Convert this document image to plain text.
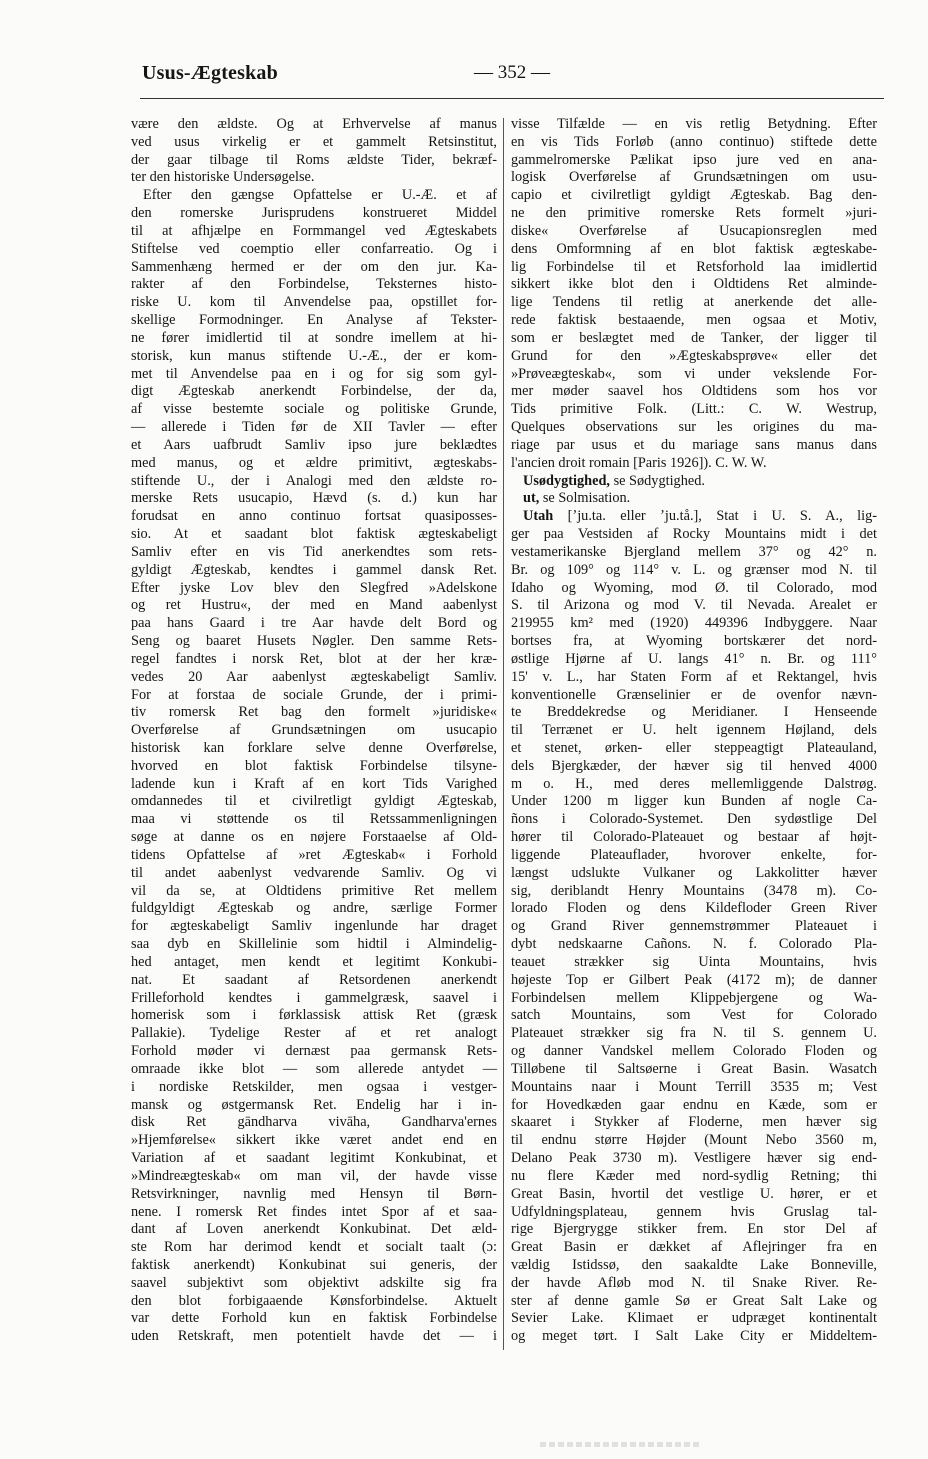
Usus-Ægteskab	— 352 —
være den ældste. Og at Erhvervelse af manus
ved usus virkelig er et gammelt Retsinstitut,
der gaar tilbage til Roms ældste Tider, bekræf-
ter den historiske Undersøgelse.
Efter den gængse Opfattelse er U.-Æ. et af
den romerske Jurisprudens konstrueret Middel
til at afhjælpe en Formmangel ved Ægteskabets
Stiftelse ved coemptio eller confarreatio. Og i
Sammenhæng hermed er der om den jur. Ka-
rakter af den Forbindelse, Teksternes histo-
riske U. kom til Anvendelse paa, opstillet for-
skellige Formodninger. En Analyse af Tekster-
ne fører imidlertid til at sondre imellem at hi-
storisk, kun manus stiftende U.-Æ., der er kom-
met til Anvendelse paa en i og for sig som gyl-
digt Ægteskab anerkendt Forbindelse, der da,
af visse bestemte sociale og politiske Grunde,
— allerede i Tiden før de XII Tavler — efter
et Aars uafbrudt Samliv ipso jure beklædtes
med manus, og et ældre primitivt, ægteskabs-
stiftende U., der i Analogi med den ældste ro-
merske Rets usucapio, Hævd (s. d.) kun har
forudsat en anno continuo fortsat quasiposses-
sio. At et saadant blot faktisk ægteskabeligt
Samliv efter en vis Tid anerkendtes som rets-
gyldigt Ægteskab, kendtes i gammel dansk Ret.
Efter jyske Lov blev den Slegfred »Adelskone
og ret Hustru«, der med en Mand aabenlyst
paa hans Gaard i tre Aar havde delt Bord og
Seng og baaret Husets Nøgler. Den samme Rets-
regel fandtes i norsk Ret, blot at der her kræ-
vedes 20 Aar aabenlyst ægteskabeligt Samliv.
For at forstaa de sociale Grunde, der i primi-
tiv romersk Ret bag den formelt »juridiske«
Overførelse af Grundsætningen om usucapio
historisk kan forklare selve denne Overførelse,
hvorved en blot faktisk Forbindelse tilsyne-
ladende kun i Kraft af en kort Tids Varighed
omdannedes til et civilretligt gyldigt Ægteskab,
maa vi støttende os til Retssammenligningen
søge at danne os en nøjere Forstaaelse af Old-
tidens Opfattelse af »ret Ægteskab« i Forhold
til andet aabenlyst vedvarende Samliv. Og vi
vil da se, at Oldtidens primitive Ret mellem
fuldgyldigt Ægteskab og andre, særlige Former
for ægteskabeligt Samliv ingenlunde har draget
saa dyb en Skillelinie som hidtil i Almindelig-
hed antaget, men kendt et legitimt Konkubi-
nat. Et saadant af Retsordenen anerkendt
Frilleforhold kendtes i gammelgræsk, saavel i
homerisk som i førklassisk attisk Ret (græsk
Pallakie). Tydelige Rester af et ret analogt
Forhold møder vi dernæst paa germansk Rets-
omraade ikke blot — som allerede antydet —
i nordiske Retskilder, men ogsaa i vestger-
mansk og østgermansk Ret. Endelig har i in-
disk Ret gāndharva vivāha, Gandharva'ernes
»Hjemførelse« sikkert ikke været andet end en
Variation af et saadant legitimt Konkubinat, et
»Mindreægteskab« om man vil, der havde visse
Retsvirkninger, navnlig med Hensyn til Børn-
nene. I romersk Ret findes intet Spor af et saa-
dant af Loven anerkendt Konkubinat. Det æld-
ste Rom har derimod kendt et socialt taalt (ɔ:
faktisk anerkendt) Konkubinat sui generis, der
saavel subjektivt som objektivt adskilte sig fra
den blot forbigaaende Kønsforbindelse. Aktuelt
var dette Forhold kun en faktisk Forbindelse
uden Retskraft, men potentielt havde det — i
visse Tilfælde — en vis retlig Betydning. Efter
en vis Tids Forløb (anno continuo) stiftede dette
gammelromerske Pælikat ipso jure ved en ana-
logisk Overførelse af Grundsætningen om usu-
capio et civilretligt gyldigt Ægteskab. Bag den-
ne den primitive romerske Rets formelt »juri-
diske« Overførelse af Usucapionsreglen med
dens Omformning af en blot faktisk ægteskabe-
lig Forbindelse til et Retsforhold laa imidlertid
sikkert ikke blot den i Oldtidens Ret alminde-
lige Tendens til retlig at anerkende det alle-
rede faktisk bestaaende, men ogsaa et Motiv,
som er beslægtet med de Tanker, der ligger til
Grund for den »Ægteskabsprøve« eller det
»Prøveægteskab«, som vi under vekslende For-
mer møder saavel hos Oldtidens som hos vor
Tids primitive Folk. (Litt.: C. W. Westrup,
Quelques observations sur les origines du ma-
riage par usus et du mariage sans manus dans
l'ancien droit romain [Paris 1926]). C. W. W.
Usødygtighed, se Sødygtighed.
ut, se Solmisation.
Utah [ʼju.ta. eller ʼju.tå.], Stat i U. S. A., lig-
ger paa Vestsiden af Rocky Mountains midt i det
vestamerikanske Bjergland mellem 37° og 42° n.
Br. og 109° og 114° v. L. og grænser mod N. til
Idaho og Wyoming, mod Ø. til Colorado, mod
S. til Arizona og mod V. til Nevada. Arealet er
219955 km² med (1920) 449396 Indbyggere. Naar
bortses fra, at Wyoming bortskærer det nord-
østlige Hjørne af U. langs 41° n. Br. og 111°
15' v. L., har Staten Form af et Rektangel, hvis
konventionelle Grænselinier er de ovenfor nævn-
te Breddekredse og Meridianer. I Henseende
til Terrænet er U. helt igennem Højland, dels
et stenet, ørken- eller steppeagtigt Plateauland,
dels Bjergkæder, der hæver sig til henved 4000
m o. H., med deres mellemliggende Dalstrøg.
Under 1200 m ligger kun Bunden af nogle Ca-
ñons i Colorado-Systemet. Den sydøstlige Del
hører til Colorado-Plateauet og bestaar af højt-
liggende Plateauflader, hvorover enkelte, for-
længst udslukte Vulkaner og Lakkolitter hæver
sig, deriblandt Henry Mountains (3478 m). Co-
lorado Floden og dens Kildefloder Green River
og Grand River gennemstrømmer Plateauet i
dybt nedskaarne Cañons. N. f. Colorado Pla-
teauet strækker sig Uinta Mountains, hvis
højeste Top er Gilbert Peak (4172 m); de danner
Forbindelsen mellem Klippebjergene og Wa-
satch Mountains, som Vest for Colorado
Plateauet strækker sig fra N. til S. gennem U.
og danner Vandskel mellem Colorado Floden og
Tilløbene til Saltsøerne i Great Basin. Wasatch
Mountains naar i Mount Terrill 3535 m; Vest
for Hovedkæden gaar endnu en Kæde, som er
skaaret i Stykker af Floderne, men hæver sig
til endnu større Højder (Mount Nebo 3560 m,
Delano Peak 3730 m). Vestligere hæver sig end-
nu flere Kæder med nord-sydlig Retning; thi
Great Basin, hvortil det vestlige U. hører, er et
Udfyldningsplateau, gennem hvis Gruslag tal-
rige Bjergrygge stikker frem. En stor Del af
Great Basin er dækket af Aflejringer fra en
vældig Istidssø, den saakaldte Lake Bonneville,
der havde Afløb mod N. til Snake River. Re-
ster af denne gamle Sø er Great Salt Lake og
Sevier Lake. Klimaet er udpræget kontinentalt
og meget tørt. I Salt Lake City er Middeltem-
